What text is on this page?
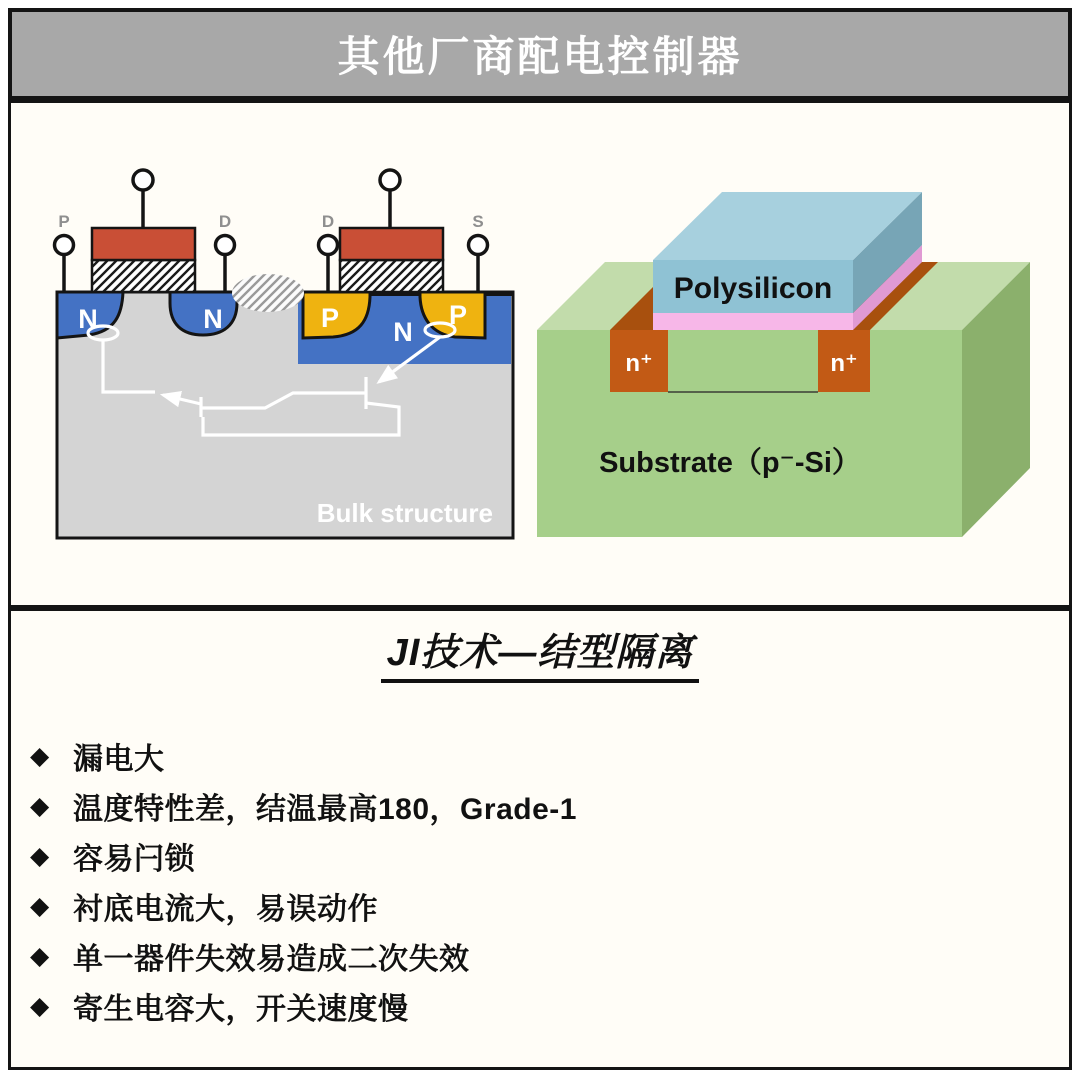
其他厂商配电控制器
P	D	D	S
N	N	P	P
N
Bulk structure
Polysilicon
n⁺	n⁺
Substrate（p⁻-Si）
JI技术—结型隔离
◆ 漏电大
◆ 温度特性差，结温最高180，Grade-1
◆ 容易闩锁
◆ 衬底电流大，易误动作
◆ 单一器件失效易造成二次失效
◆ 寄生电容大，开关速度慢
